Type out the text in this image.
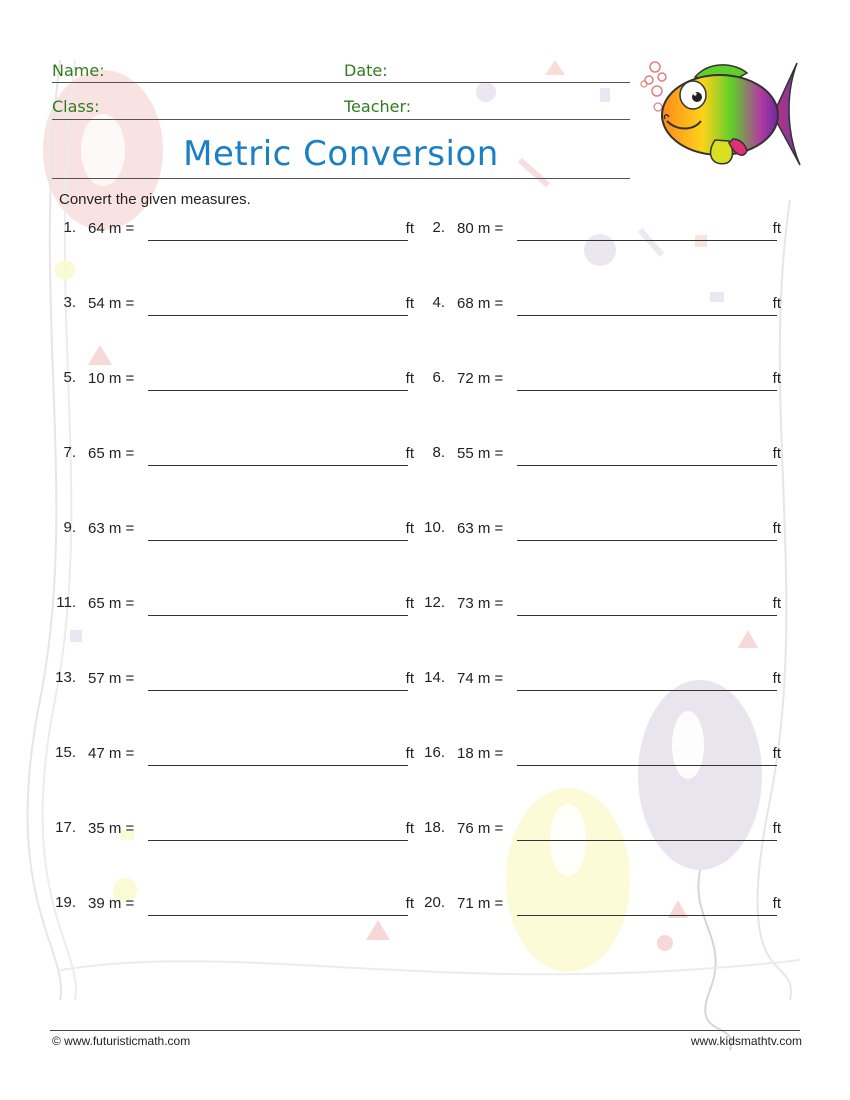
Name:	Date:
Class:	Teacher:
Metric Conversion
Convert the given measures.
1. 64 m =	ft	2. 80 m =	ft
3. 54 m =	ft	4. 68 m =	ft
5. 10 m =	ft	6. 72 m =	ft
7. 65 m =	ft	8. 55 m =	ft
9. 63 m =	ft 10. 63 m =	ft
11. 65 m =	ft 12. 73 m =	ft
13. 57 m =	ft 14. 74 m =	ft
15. 47 m =	ft 16. 18 m =	ft
17. 35 m =	ft 18. 76 m =	ft
19. 39 m =	ft 20. 71 m =	ft
© www.futuristicmath.com	www.kidsmathtv.com
